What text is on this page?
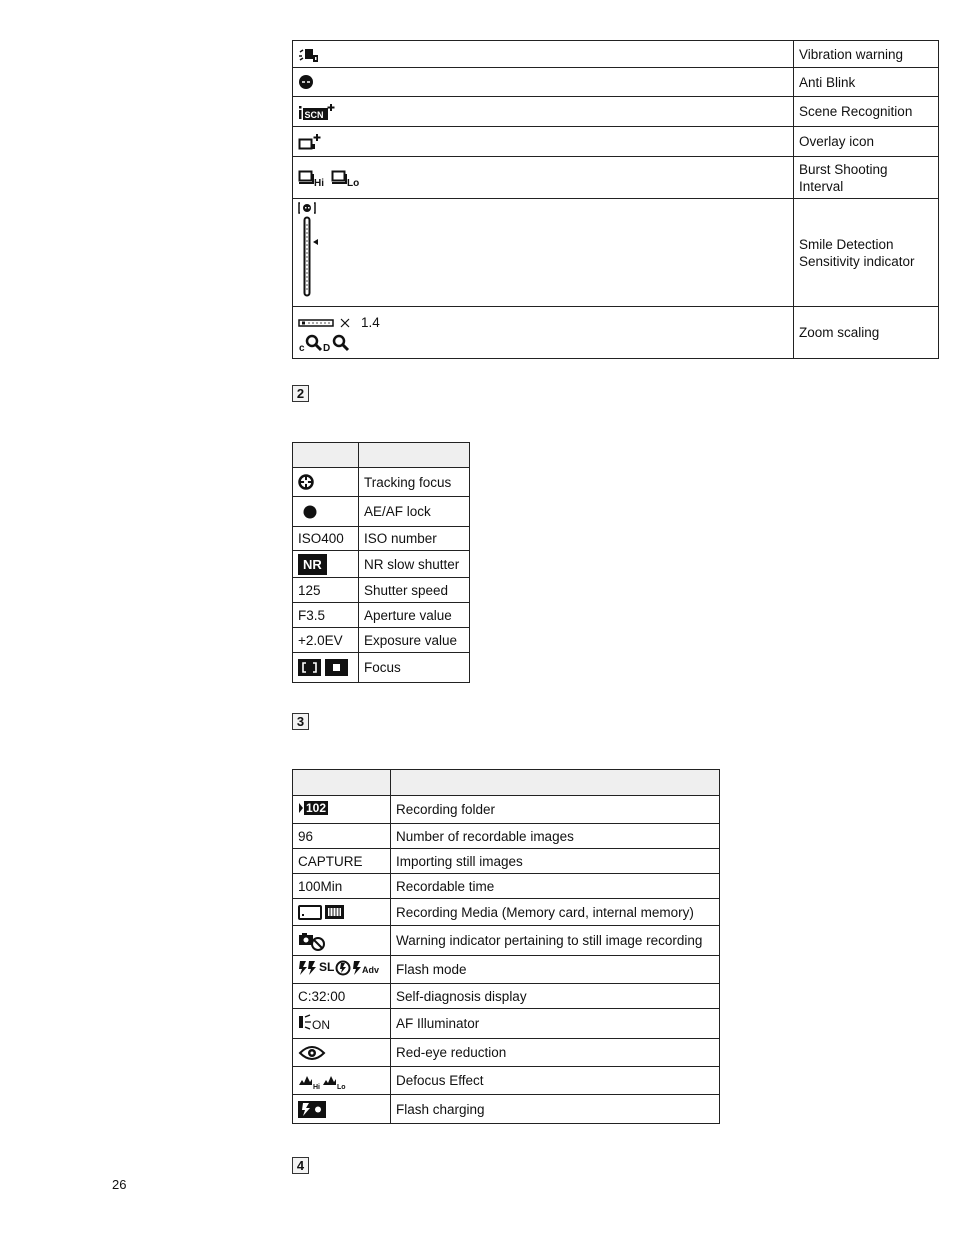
	Vibration warning

	Anti Blink

SCN	Scene Recognition

	Overlay icon

Hi Lo	Burst Shooting Interval

	Smile Detection Sensitivity indicator

1.4
c D	Zoom scaling
2

	Tracking focus

	AE/AF lock
ISO400	ISO number
NR	NR slow shutter
125	Shutter speed
F3.5	Aperture value
+2.0EV	Exposure value

	Focus
3

102	Recording folder
96	Number of recordable images
CAPTURE	Importing still images
100Min	Recordable time

	Recording Media (Memory card, internal memory)

	Warning indicator pertaining to still image recording

SL Adv	Flash mode
C:32:00	Self-diagnosis display

ON	AF Illuminator

	Red-eye reduction

Hi Lo	Defocus Effect

	Flash charging
4
26
